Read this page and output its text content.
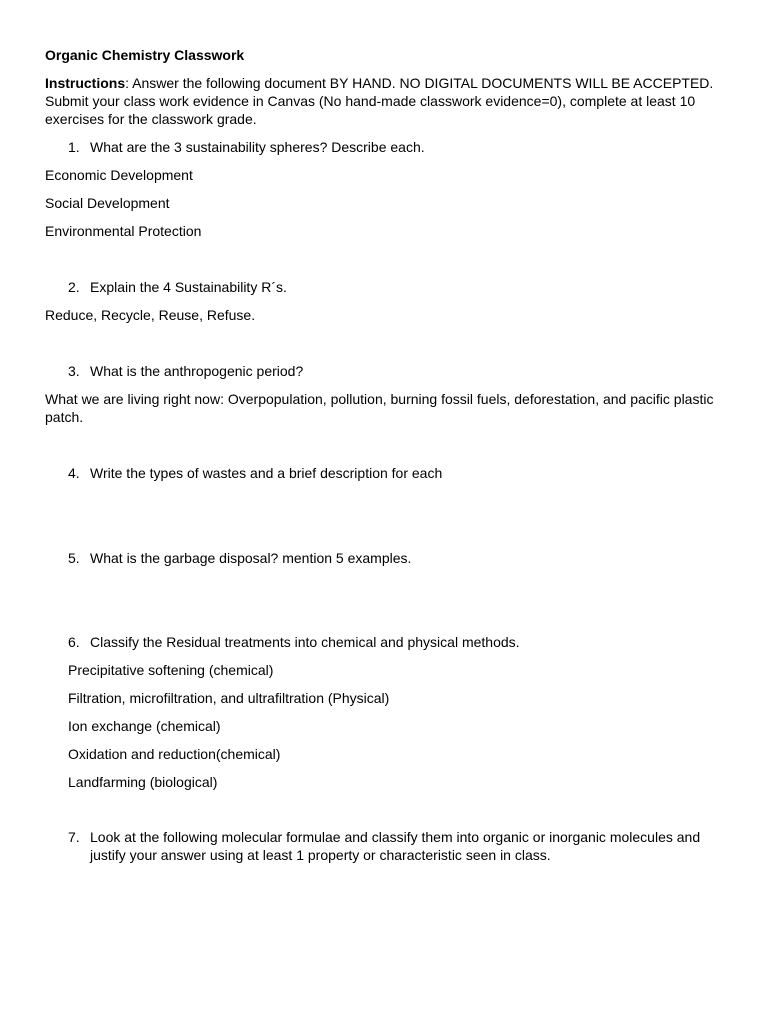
Organic Chemistry Classwork

Instructions: Answer the following document BY HAND. NO DIGITAL DOCUMENTS WILL BE ACCEPTED. Submit your class work evidence in Canvas (No hand-made classwork evidence=0), complete at least 10 exercises for the classwork grade.

1. What are the 3 sustainability spheres? Describe each.

Economic Development

Social Development

Environmental Protection

2. Explain the 4 Sustainability R´s.

Reduce, Recycle, Reuse, Refuse.

3. What is the anthropogenic period?

What we are living right now: Overpopulation, pollution, burning fossil fuels, deforestation, and pacific plastic patch.

4. Write the types of wastes and a brief description for each

5. What is the garbage disposal? mention 5 examples.

6. Classify the Residual treatments into chemical and physical methods.

Precipitative softening (chemical)

Filtration, microfiltration, and ultrafiltration (Physical)

Ion exchange (chemical)

Oxidation and reduction(chemical)

Landfarming (biological)

7. Look at the following molecular formulae and classify them into organic or inorganic molecules and justify your answer using at least 1 property or characteristic seen in class.
